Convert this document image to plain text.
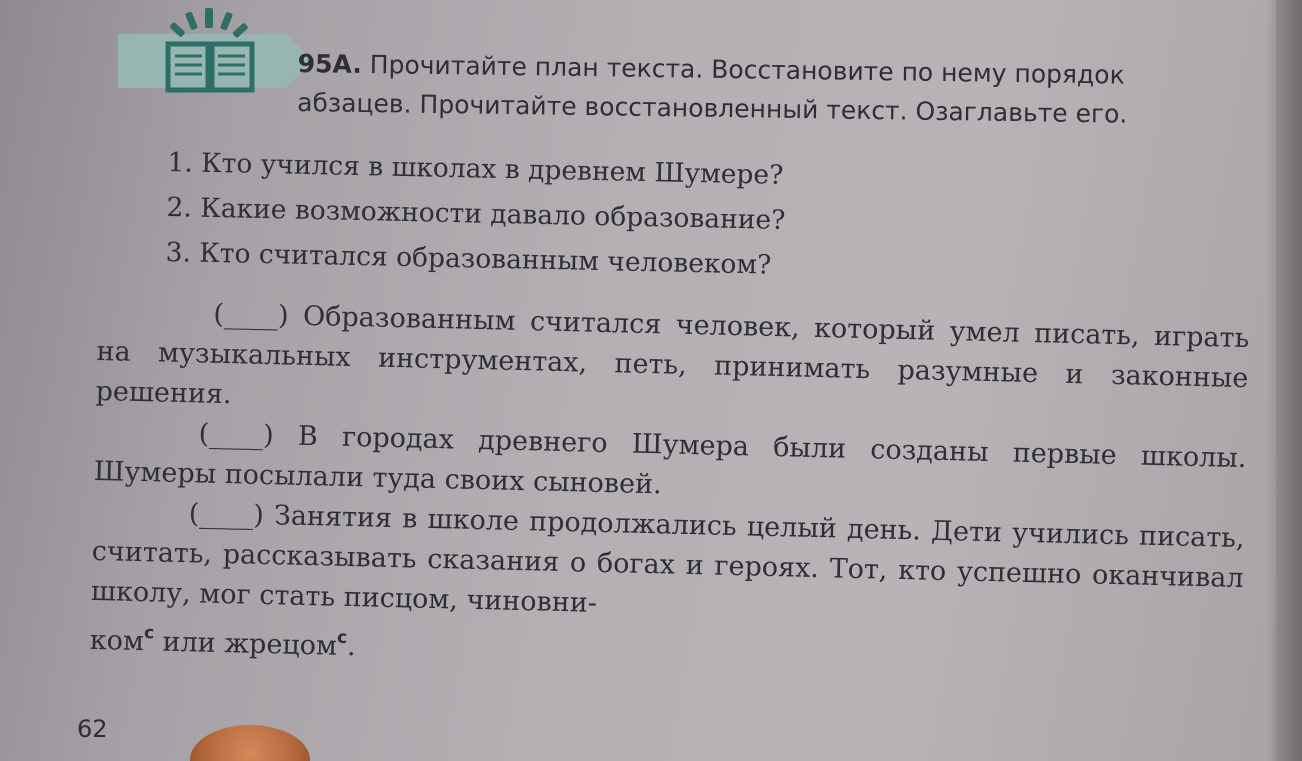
95A. Прочитайте план текста. Восстановите по нему порядок
абзацев. Прочитайте восстановленный текст. Озаглавьте его.
1. Кто учился в школах в древнем Шумере?
2. Какие возможности давало образование?
3. Кто считался образованным человеком?

(____) Образованным считался человек, который умел писать, играть на музыкальных инструментах, петь, принимать разумные и законные решения.

(____) В городах древнего Шумера были созданы первые школы. Шумеры посылали туда своих сыновей.

(____) Занятия в школе продолжались целый день. Дети учились писать, считать, рассказывать сказания о богах и героях. Тот, кто успешно оканчивал школу, мог стать писцом, чиновни-

ком$^с$ или жрецом$^с$.

62
